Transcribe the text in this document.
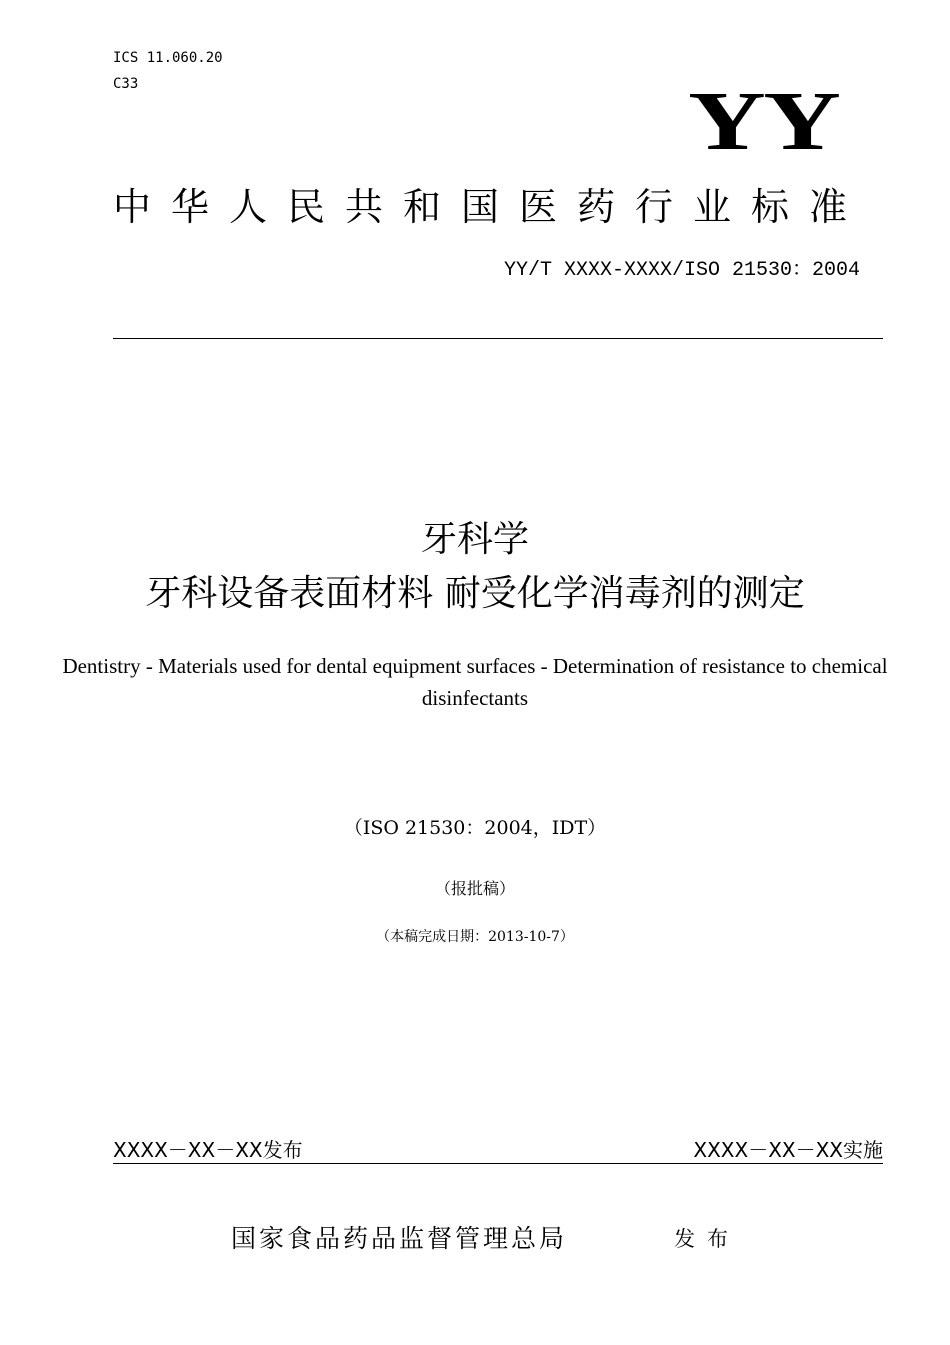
ICS 11.060.20
C33	YY
中华人民共和国医药行业标准
YY/T XXXX-XXXX/ISO 21530：2004
牙科学
牙科设备表面材料 耐受化学消毒剂的测定
Dentistry - Materials used for dental equipment surfaces - Determination of resistance to chemical disinfectants
（ISO 21530：2004，IDT）
（报批稿）
（本稿完成日期：2013-10-7）
XXXX－XX－XX发布	XXXX－XX－XX实施
国家食品药品监督管理总局	发布
